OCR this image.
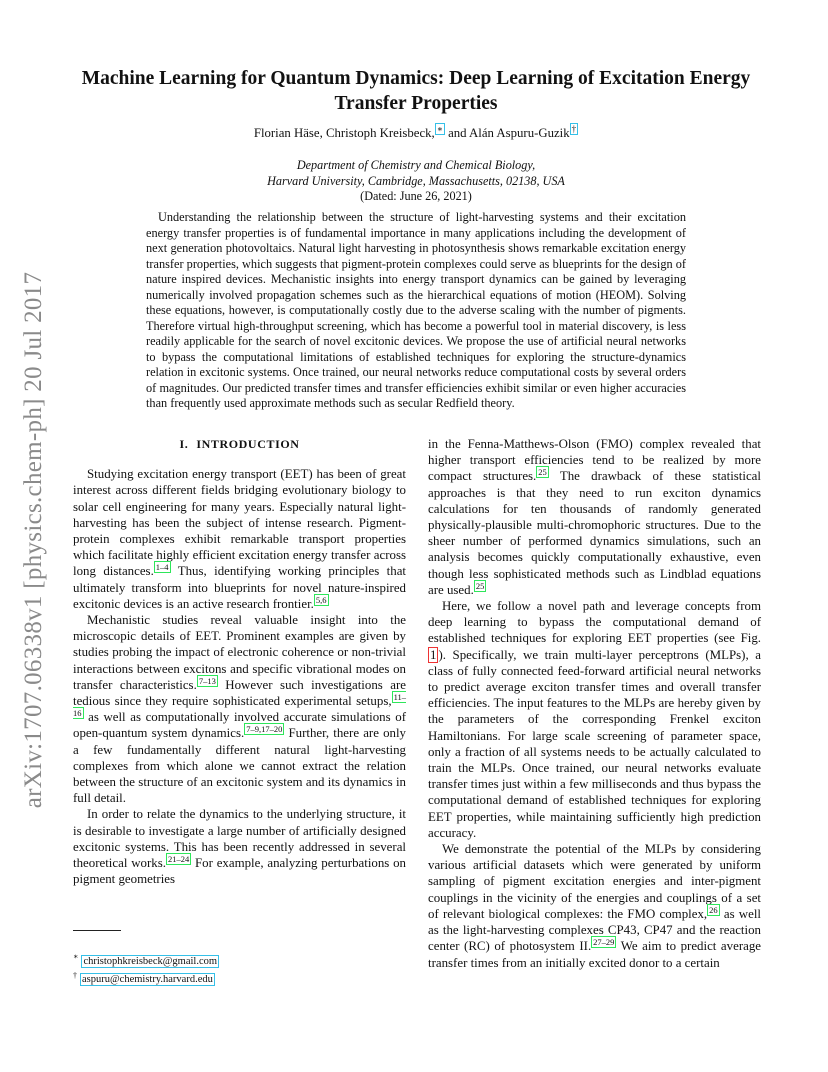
arXiv:1707.06338v1 [physics.chem-ph] 20 Jul 2017
Machine Learning for Quantum Dynamics: Deep Learning of Excitation Energy Transfer Properties
Florian Häse, Christoph Kreisbeck, ∗ and Alán Aspuru-Guzik †
Department of Chemistry and Chemical Biology,
Harvard University, Cambridge, Massachusetts, 02138, USA
(Dated: June 26, 2021)
Understanding the relationship between the structure of light-harvesting systems and their excitation energy transfer properties is of fundamental importance in many applications including the development of next generation photovoltaics. Natural light harvesting in photosynthesis shows remarkable excitation energy transfer properties, which suggests that pigment-protein complexes could serve as blueprints for the design of nature inspired devices. Mechanistic insights into energy transport dynamics can be gained by leveraging numerically involved propagation schemes such as the hierarchical equations of motion (HEOM). Solving these equations, however, is computationally costly due to the adverse scaling with the number of pigments. Therefore virtual high-throughput screening, which has become a powerful tool in material discovery, is less readily applicable for the search of novel excitonic devices. We propose the use of artificial neural networks to bypass the computational limitations of established techniques for exploring the structure-dynamics relation in excitonic systems. Once trained, our neural networks reduce computational costs by several orders of magnitudes. Our predicted transfer times and transfer efficiencies exhibit similar or even higher accuracies than frequently used approximate methods such as secular Redfield theory.
I. INTRODUCTION

Studying excitation energy transport (EET) has been of great interest across different fields bridging evolutionary biology to solar cell engineering for many years. Especially natural light-harvesting has been the subject of intense research. Pigment-protein complexes exhibit remarkable transport properties which facilitate highly efficient excitation energy transfer across long distances. $^{1-4}$ Thus, identifying working principles that ultimately transform into blueprints for novel nature-inspired excitonic devices is an active research frontier. $^{5,6}$

Mechanistic studies reveal valuable insight into the microscopic details of EET. Prominent examples are given by studies probing the impact of electronic coherence or non-trivial interactions between excitons and specific vibrational modes on transfer characteristics. $^{7-13}$ However such investigations are tedious since they require sophisticated experimental setups, $^{11-16}$ as well as computationally involved accurate simulations of open-quantum system dynamics. $^{7-9,17-20}$ Further, there are only a few fundamentally different natural light-harvesting complexes from which alone we cannot extract the relation between the structure of an excitonic system and its dynamics in full detail.

In order to relate the dynamics to the underlying structure, it is desirable to investigate a large number of artificially designed excitonic systems. This has been recently addressed in several theoretical works. $^{21-24}$ For example, analyzing perturbations on pigment geometries

in the Fenna-Matthews-Olson (FMO) complex revealed that higher transport efficiencies tend to be realized by more compact structures. $^{25}$ The drawback of these statistical approaches is that they need to run exciton dynamics calculations for ten thousands of randomly generated physically-plausible multi-chromophoric structures. Due to the sheer number of performed dynamics simulations, such an analysis becomes quickly computationally exhaustive, even though less sophisticated methods such as Lindblad equations are used. $^{25}$

Here, we follow a novel path and leverage concepts from deep learning to bypass the computational demand of established techniques for exploring EET properties (see Fig. 1 ). Specifically, we train multi-layer perceptrons (MLPs), a class of fully connected feed-forward artificial neural networks to predict average exciton transfer times and overall transfer efficiencies. The input features to the MLPs are hereby given by the parameters of the corresponding Frenkel exciton Hamiltonians. For large scale screening of parameter space, only a fraction of all systems needs to be actually calculated to train the MLPs. Once trained, our neural networks evaluate transfer times just within a few milliseconds and thus bypass the computational demand of established techniques for exploring EET properties, while maintaining sufficiently high prediction accuracy.

We demonstrate the potential of the MLPs by considering various artificial datasets which were generated by uniform sampling of pigment excitation energies and inter-pigment couplings in the vicinity of the energies and couplings of a set of relevant biological complexes: the FMO complex, $^{26}$ as well as the light-harvesting complexes CP43, CP47 and the reaction center (RC) of photosystem II. $^{27-29}$ We aim to predict average transfer times from an initially excited donor to a certain

∗ christophkreisbeck@gmail.com
† aspuru@chemistry.harvard.edu
